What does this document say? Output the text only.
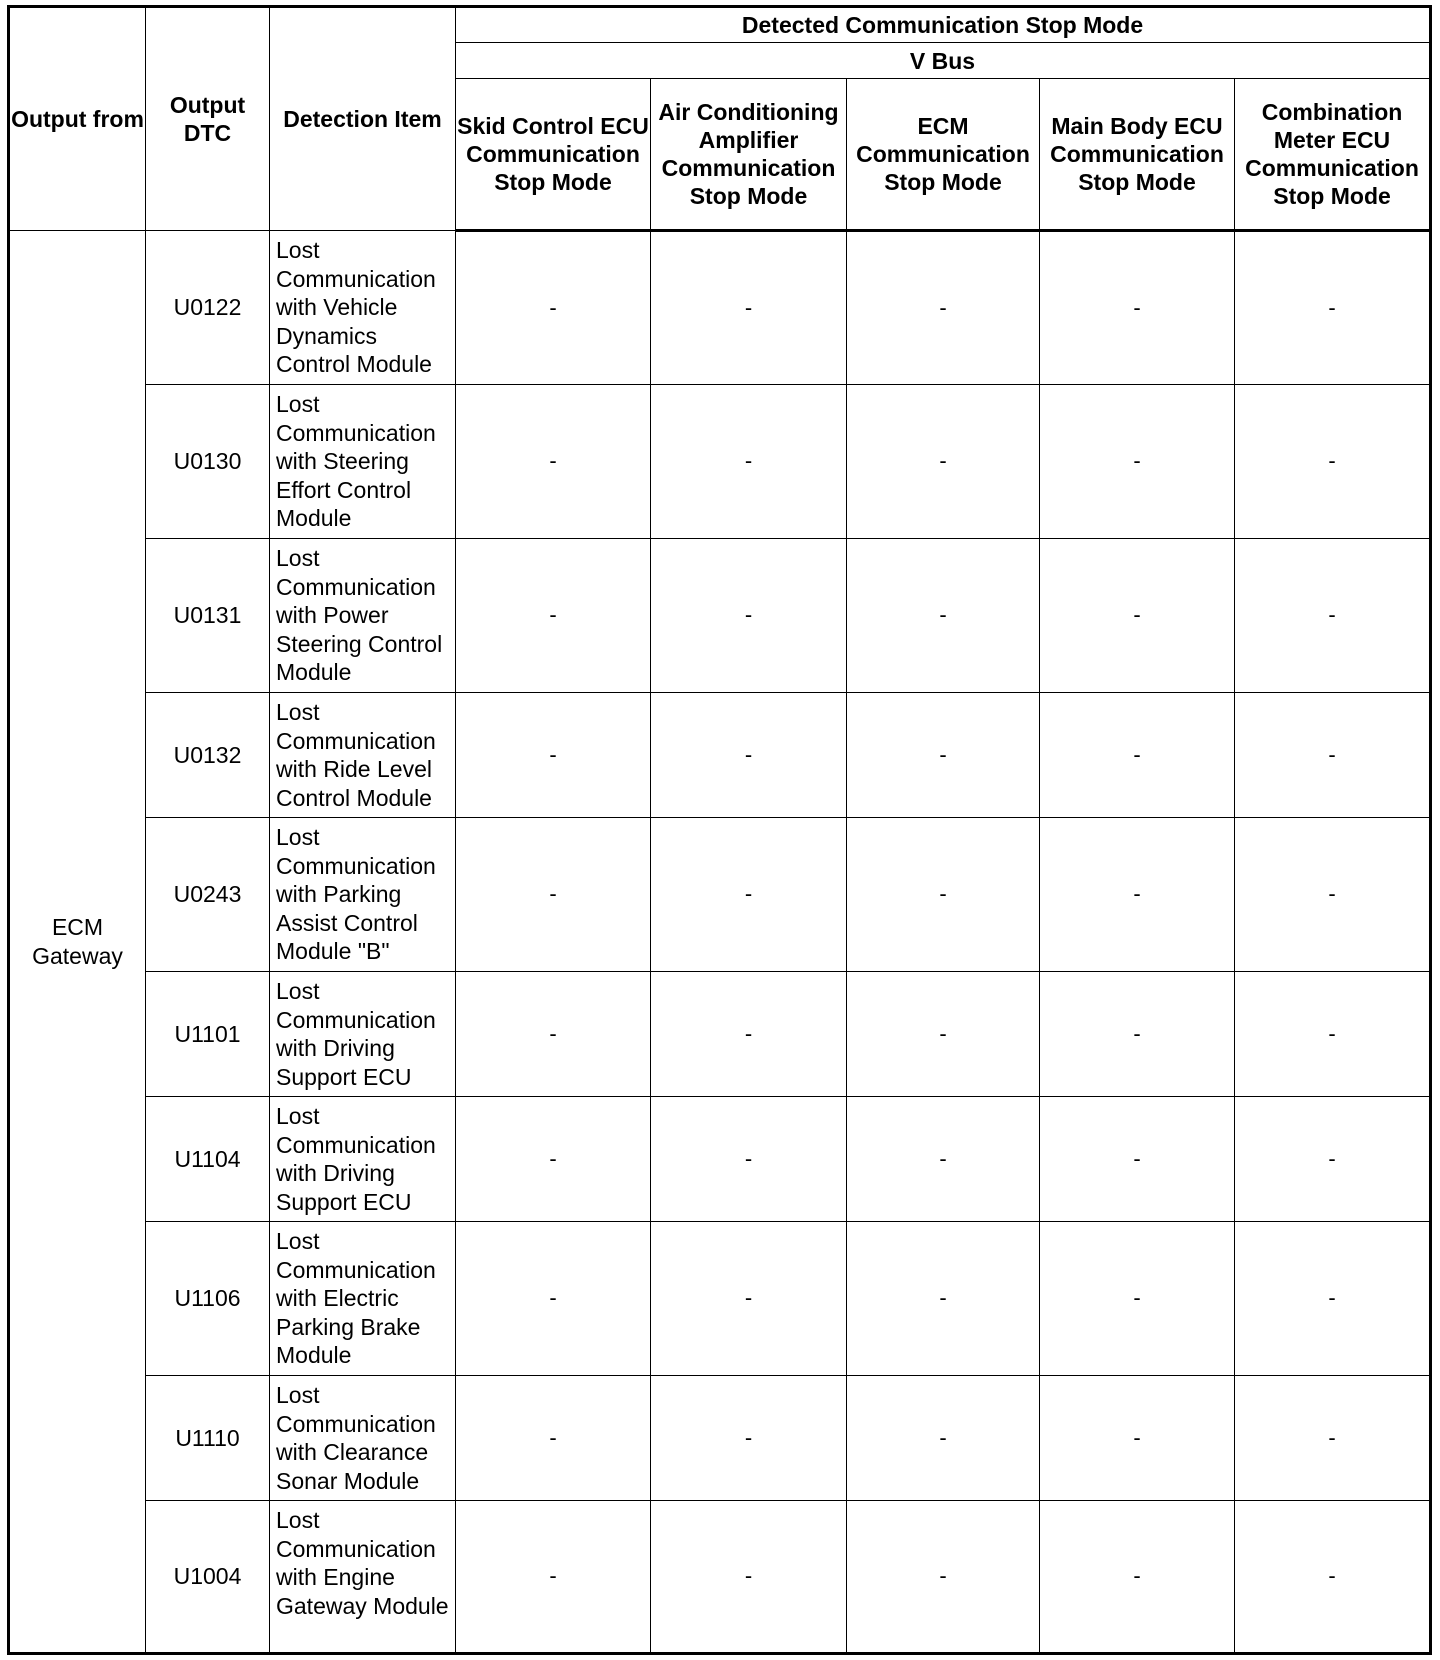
Output from	Output DTC	Detection Item	Detected Communication Stop Mode				
			V Bus				
			Skid Control ECU Communication Stop Mode	Air Conditioning Amplifier Communication Stop Mode	ECM Communication Stop Mode	Main Body ECU Communication Stop Mode	Combination Meter ECU Communication Stop Mode
ECM Gateway	U0122	Lost Communication with Vehicle Dynamics Control Module	-	-	-	-	-
	U0130	Lost Communication with Steering Effort Control Module	-	-	-	-	-
	U0131	Lost Communication with Power Steering Control Module	-	-	-	-	-
	U0132	Lost Communication with Ride Level Control Module	-	-	-	-	-
	U0243	Lost Communication with Parking Assist Control Module "B"	-	-	-	-	-
	U1101	Lost Communication with Driving Support ECU	-	-	-	-	-
	U1104	Lost Communication with Driving Support ECU	-	-	-	-	-
	U1106	Lost Communication with Electric Parking Brake Module	-	-	-	-	-
	U1110	Lost Communication with Clearance Sonar Module	-	-	-	-	-
	U1004	Lost Communication with Engine Gateway Module	-	-	-	-	-
